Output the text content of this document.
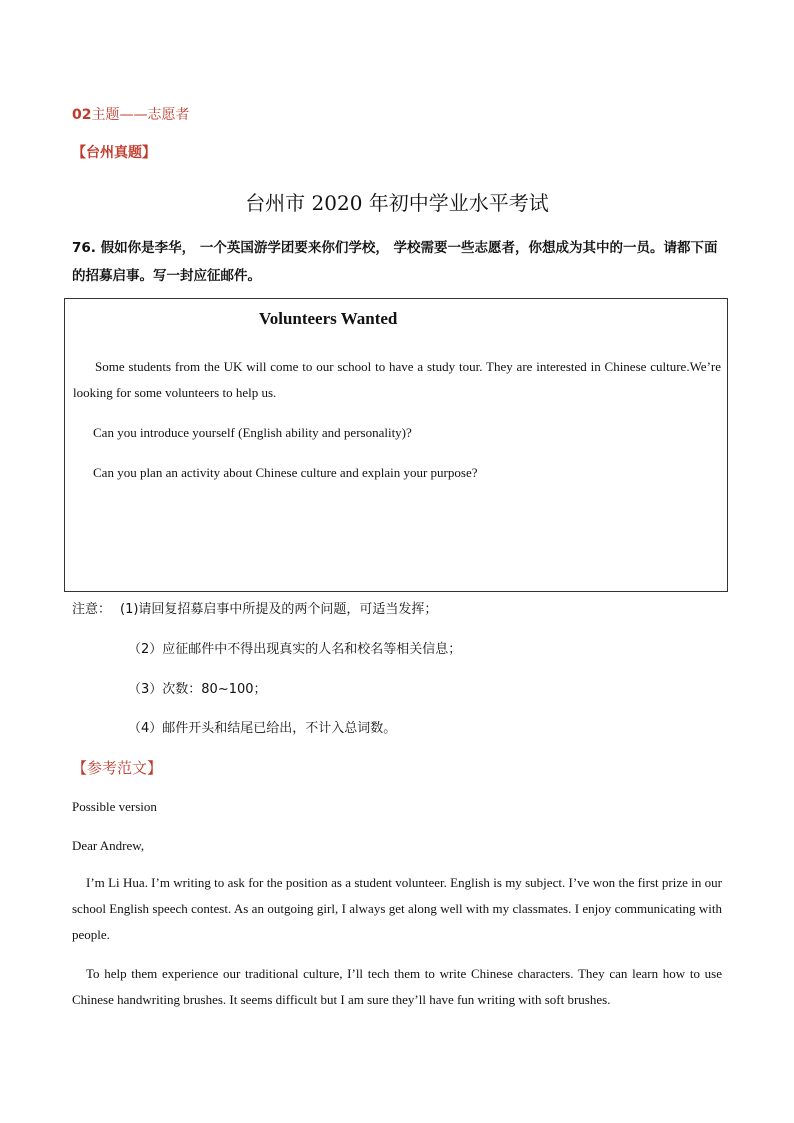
02主题——志愿者
【台州真题】
台州市 2020 年初中学业水平考试
76. 假如你是李华， 一个英国游学团要来你们学校， 学校需要一些志愿者，你想成为其中的一员。请都下面的招募启事。写一封应征邮件。
Volunteers Wanted
Some students from the UK will come to our school to have a study tour. They are interested in Chinese culture.We’re looking for some volunteers to help us.
Can you introduce yourself (English ability and personality)?
Can you plan an activity about Chinese culture and explain your purpose?
注意： (1)请回复招募启事中所提及的两个问题，可适当发挥；
（2）应征邮件中不得出现真实的人名和校名等相关信息；
（3）次数：80~100；
（4）邮件开头和结尾已给出，不计入总词数。
【参考范文】
Possible version
Dear Andrew,
I’m Li Hua. I’m writing to ask for the position as a student volunteer. English is my subject. I’ve won the first prize in our school English speech contest. As an outgoing girl, I always get along well with my classmates. I enjoy communicating with people.
To help them experience our traditional culture, I’ll tech them to write Chinese characters. They can learn how to use Chinese handwriting brushes. It seems difficult but I am sure they’ll have fun writing with soft brushes.
